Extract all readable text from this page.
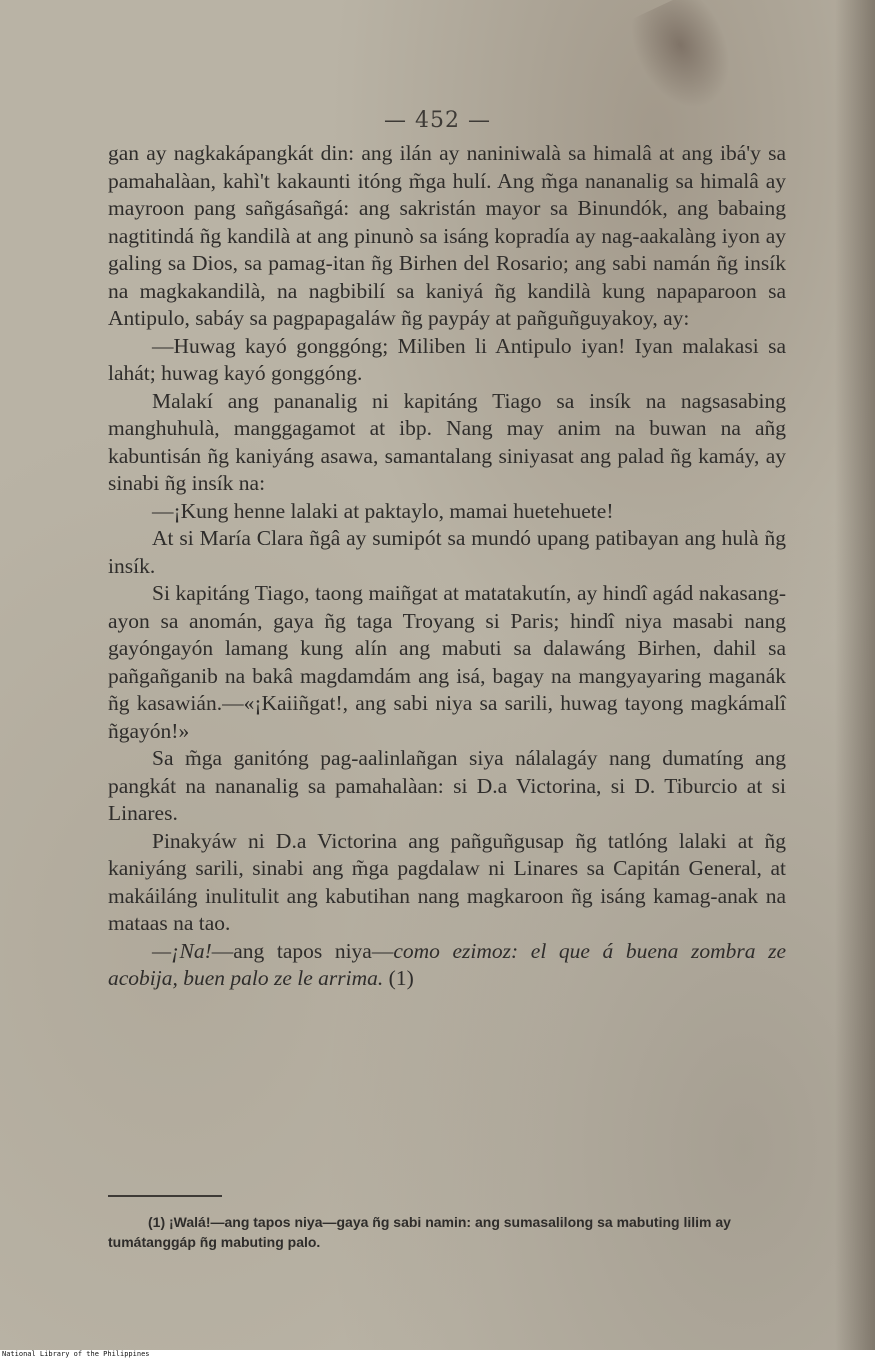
— 452 —

gan ay nagkakápangkát din: ang ilán ay naniniwalà sa himalâ at ang ibá'y sa pamahalàan, kahì't kakaunti itóng m̃ga hulí. Ang m̃ga nananalig sa himalâ ay mayroon pang sañgásañgá: ang sakristán mayor sa Binundók, ang babaing nagtitindá ñg kandilà at ang pinunò sa isáng kopradía ay nag-aakalàng iyon ay galing sa Dios, sa pamag-itan ñg Birhen del Rosario; ang sabi namán ñg insík na magkakandilà, na nagbibilí sa kaniyá ñg kandilà kung napaparoon sa Antipulo, sabáy sa pagpapagaláw ñg paypáy at pañguñguyakoy, ay:

—Huwag kayó gonggóng; Miliben li Antipulo iyan! Iyan malakasi sa lahát; huwag kayó gonggóng.

Malakí ang pananalig ni kapitáng Tiago sa insík na nagsasabing manghuhulà, manggagamot at ibp. Nang may anim na buwan na añg kabuntisán ñg kaniyáng asawa, samantalang siniyasat ang palad ñg kamáy, ay sinabi ñg insík na:

—¡Kung henne lalaki at paktaylo, mamai huetehuete!

At si María Clara ñgâ ay sumipót sa mundó upang patibayan ang hulà ñg insík.

Si kapitáng Tiago, taong maiñgat at matatakutín, ay hindî agád nakasang-ayon sa anomán, gaya ñg taga Troyang si Paris; hindî niya masabi nang gayóngayón lamang kung alín ang mabuti sa dalawáng Birhen, dahil sa pañgañganib na bakâ magdamdám ang isá, bagay na mangyayaring maganák ñg kasawián.—«¡Kaiiñgat!, ang sabi niya sa sarili, huwag tayong magkámalî ñgayón!»

Sa m̃ga ganitóng pag-aalinlañgan siya nálalagáy nang dumatíng ang pangkát na nananalig sa pamahalàan: si D.a Victorina, si D. Tiburcio at si Linares.

Pinakyáw ni D.a Victorina ang pañguñgusap ñg tatlóng lalaki at ñg kaniyáng sarili, sinabi ang m̃ga pagdalaw ni Linares sa Capitán General, at makáiláng inulitulit ang kabutihan nang magkaroon ñg isáng kamag-anak na mataas na tao.

—¡Na!—ang tapos niya—como ezimoz: el que á buena zombra ze acobija, buen palo ze le arrima. (1)

(1) ¡Walá!—ang tapos niya—gaya ñg sabi namin: ang sumasalilong sa mabuting lilim ay tumátanggáp ñg mabuting palo.
National Library of the Philippines
